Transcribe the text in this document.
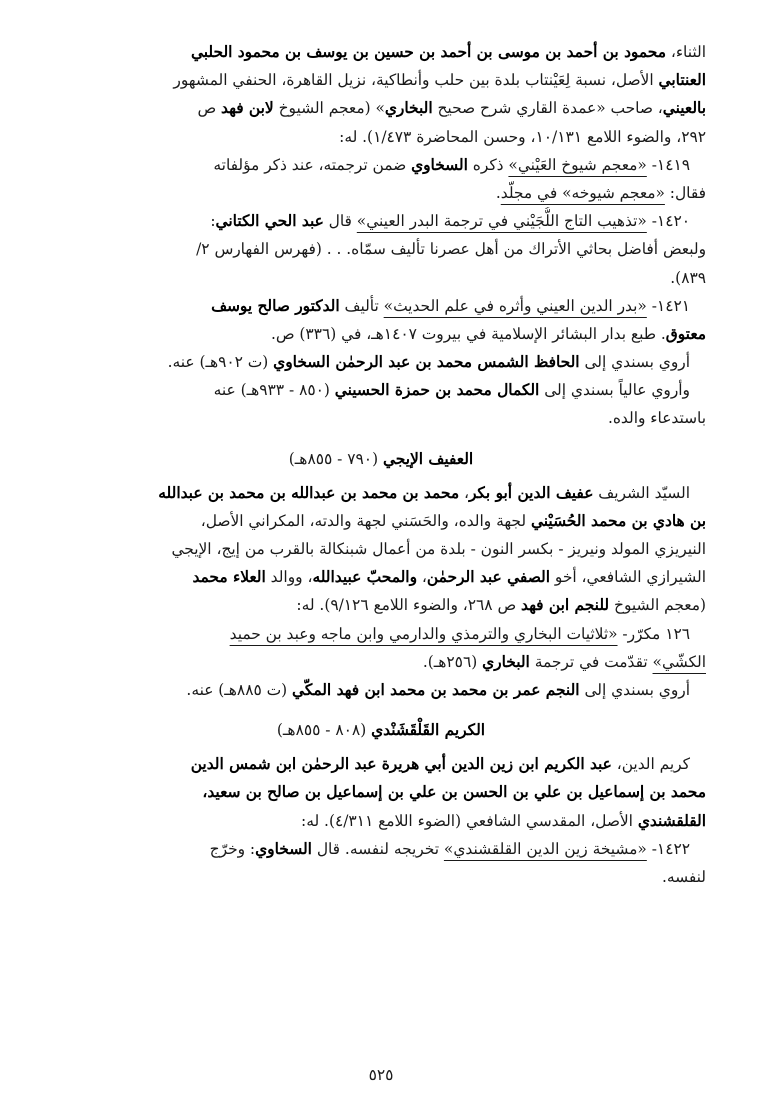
الثناء، محمود بن أحمد بن موسى بن أحمد بن حسين بن يوسف بن محمود الحلبي
العنتابي الأصل، نسبة لِعَيْنتاب بلدة بين حلب وأنطاكية، نزيل القاهرة، الحنفي المشهور
بالعيني، صاحب «عمدة القاري شرح صحيح البخاري» (معجم الشيوخ لابن فهد ص
٢٩٢، والضوء اللامع ١٠/١٣١، وحسن المحاضرة ١/٤٧٣). له:
١٤١٩- «معجم شيوخ العَيْني» ذكره السخاوي ضمن ترجمته، عند ذكر مؤلفاته
فقال: «معجم شيوخه» في مجلّد.
١٤٢٠- «تذهيب التاج اللُّجَيْني في ترجمة البدر العيني» قال عبد الحي الكتاني:
ولبعض أفاضل بحاثي الأتراك من أهل عصرنا تأليف سمّاه. . . (فهرس الفهارس ٢/
٨٣٩).
١٤٢١- «بدر الدين العيني وأثره في علم الحديث» تأليف الدكتور صالح يوسف
معتوق. طبع بدار البشائر الإسلامية في بيروت ١٤٠٧هـ، في (٣٣٦) ص.
أروي بسندي إلى الحافظ الشمس محمد بن عبد الرحمٰن السخاوي (ت ٩٠٢هـ) عنه.
وأروي عالياً بسندي إلى الكمال محمد بن حمزة الحسيني (٨٥٠ - ٩٣٣هـ) عنه
باستدعاء والده.
العفيف الإيجي (٧٩٠ - ٨٥٥هـ)
السيّد الشريف عفيف الدين أبو بكر، محمد بن محمد بن عبدالله بن محمد بن عبدالله
بن هادي بن محمد الحُسَيْني لجهة والده، والحَسَني لجهة والدته، المكراني الأصل،
النيريزي المولد ونيريز - بكسر النون - بلدة من أعمال شبنكالة بالقرب من إيج، الإيجي
الشيرازي الشافعي، أخو الصفي عبد الرحمٰن، والمحبّ عبيدالله، ووالد العلاء محمد
(معجم الشيوخ للنجم ابن فهد ص ٢٦٨، والضوء اللامع ٩/١٢٦). له:
١٢٦ مكرّر- «ثلاثيات البخاري والترمذي والدارمي وابن ماجه وعبد بن حميد
الكشّي» تقدّمت في ترجمة البخاري (٢٥٦هـ).
أروي بسندي إلى النجم عمر بن محمد بن محمد ابن فهد المكّي (ت ٨٨٥هـ) عنه.
الكريم القَلْقَشَنْدي (٨٠٨ - ٨٥٥هـ)
كريم الدين، عبد الكريم ابن زين الدين أبي هريرة عبد الرحمٰن ابن شمس الدين
محمد بن إسماعيل بن علي بن الحسن بن علي بن إسماعيل بن صالح بن سعيد،
القلقشندي الأصل، المقدسي الشافعي (الضوء اللامع ٤/٣١١). له:
١٤٢٢- «مشيخة زين الدين القلقشندي» تخريجه لنفسه. قال السخاوي: وخرّج
لنفسه.
٥٢٥
